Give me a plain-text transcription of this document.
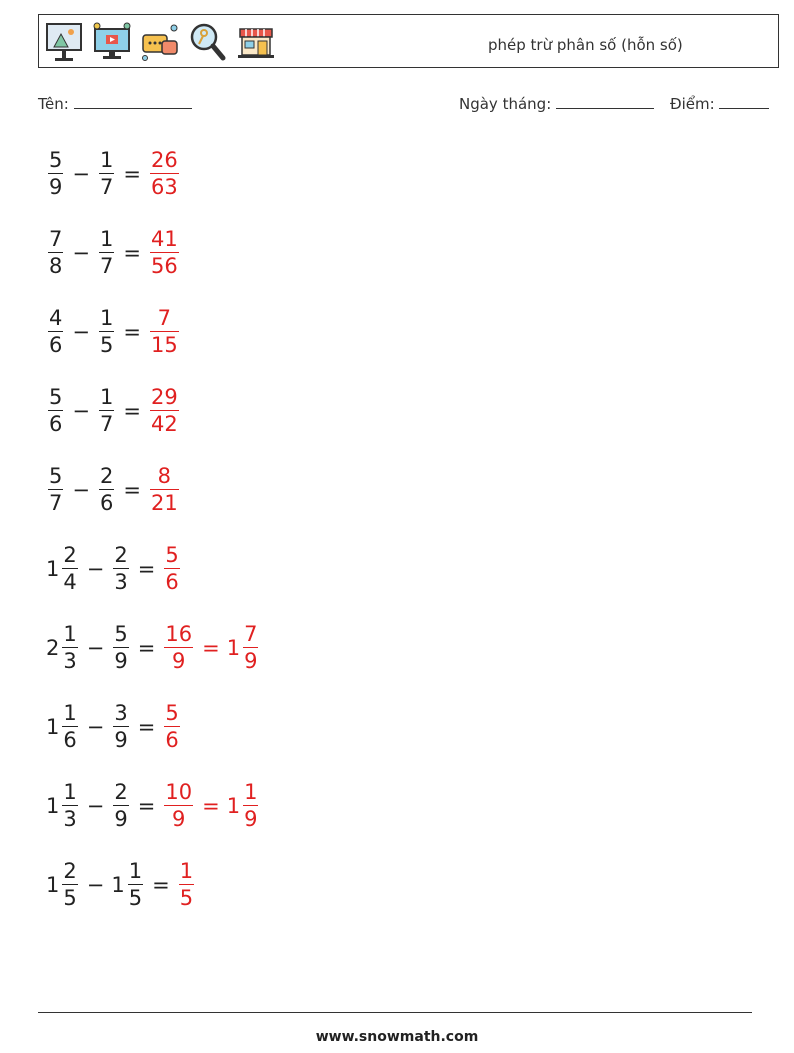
phép trừ phân số (hỗn số)
Tên:	Ngày tháng:	Điểm:
$\frac{5}{9} - \frac{1}{7} = \frac{26}{63}$
$\frac{7}{8} - \frac{1}{7} = \frac{41}{56}$
$\frac{4}{6} - \frac{1}{5} = \frac{7}{15}$
$\frac{5}{6} - \frac{1}{7} = \frac{29}{42}$
$\frac{5}{7} - \frac{2}{6} = \frac{8}{21}$
$1 \frac{2}{4} - \frac{2}{3} = \frac{5}{6}$
$2 \frac{1}{3} - \frac{5}{9} = \frac{16}{9} = 1 \frac{7}{9}$
$1 \frac{1}{6} - \frac{3}{9} = \frac{5}{6}$
$1 \frac{1}{3} - \frac{2}{9} = \frac{10}{9} = 1 \frac{1}{9}$
$1 \frac{2}{5} - 1 \frac{1}{5} = \frac{1}{5}$
www.snowmath.com
